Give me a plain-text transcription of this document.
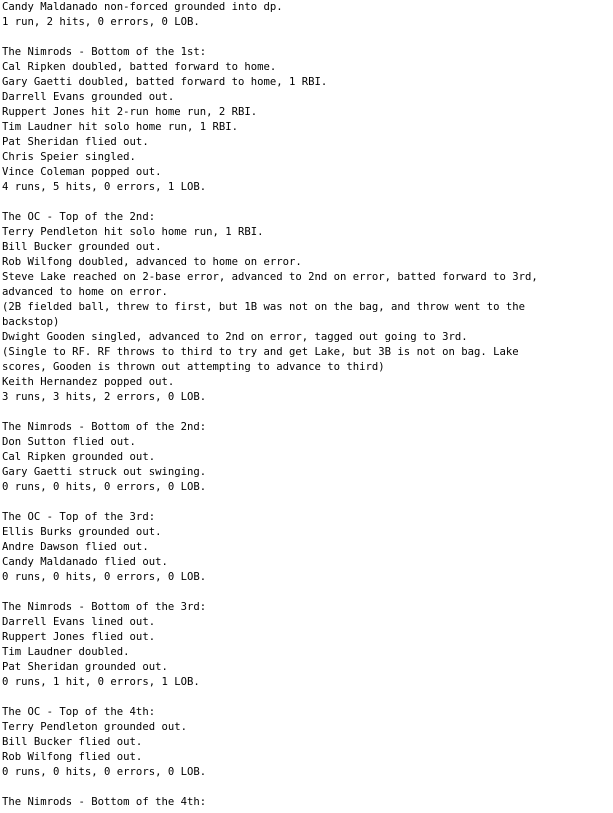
Candy Maldanado non-forced grounded into dp.
1 run, 2 hits, 0 errors, 0 LOB.
The Nimrods - Bottom of the 1st:
Cal Ripken doubled, batted forward to home.
Gary Gaetti doubled, batted forward to home, 1 RBI.
Darrell Evans grounded out.
Ruppert Jones hit 2-run home run, 2 RBI.
Tim Laudner hit solo home run, 1 RBI.
Pat Sheridan flied out.
Chris Speier singled.
Vince Coleman popped out.
4 runs, 5 hits, 0 errors, 1 LOB.
The OC - Top of the 2nd:
Terry Pendleton hit solo home run, 1 RBI.
Bill Bucker grounded out.
Rob Wilfong doubled, advanced to home on error.
Steve Lake reached on 2-base error, advanced to 2nd on error, batted forward to 3rd,
advanced to home on error.
(2B fielded ball, threw to first, but 1B was not on the bag, and throw went to the
backstop)
Dwight Gooden singled, advanced to 2nd on error, tagged out going to 3rd.
(Single to RF. RF throws to third to try and get Lake, but 3B is not on bag. Lake
scores, Gooden is thrown out attempting to advance to third)
Keith Hernandez popped out.
3 runs, 3 hits, 2 errors, 0 LOB.
The Nimrods - Bottom of the 2nd:
Don Sutton flied out.
Cal Ripken grounded out.
Gary Gaetti struck out swinging.
0 runs, 0 hits, 0 errors, 0 LOB.
The OC - Top of the 3rd:
Ellis Burks grounded out.
Andre Dawson flied out.
Candy Maldanado flied out.
0 runs, 0 hits, 0 errors, 0 LOB.
The Nimrods - Bottom of the 3rd:
Darrell Evans lined out.
Ruppert Jones flied out.
Tim Laudner doubled.
Pat Sheridan grounded out.
0 runs, 1 hit, 0 errors, 1 LOB.
The OC - Top of the 4th:
Terry Pendleton grounded out.
Bill Bucker flied out.
Rob Wilfong flied out.
0 runs, 0 hits, 0 errors, 0 LOB.
The Nimrods - Bottom of the 4th:
